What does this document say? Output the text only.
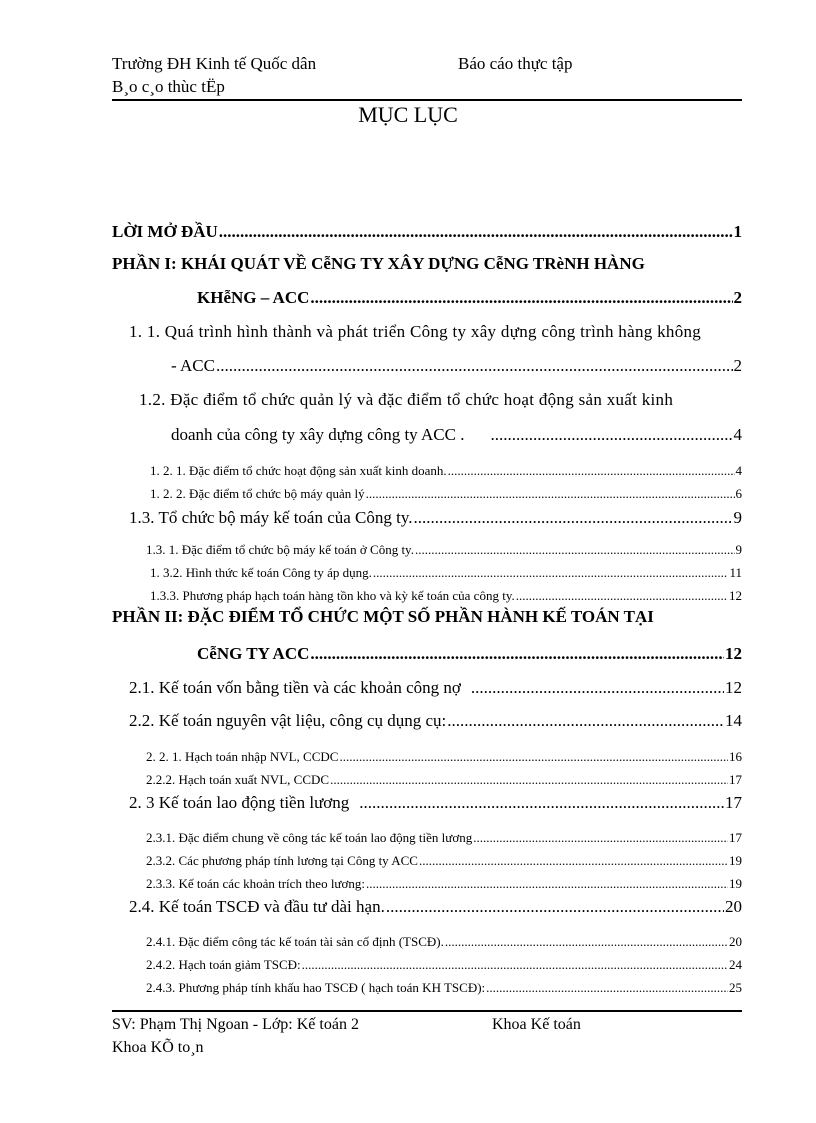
Trường ĐH Kinh tế Quốc dân	Báo cáo thực tập
B¸o c¸o thùc tËp
MỤC LỤC
LỜI MỞ ĐẦU .....	1
PHẦN I: KHÁI QUÁT VỀ CễNG TY XÂY DỰNG CễNG TRèNH HÀNG
KHễNG – ACC .....	2
1. 1. Quá trình hình thành và phát triển Công ty xây dựng công trình hàng không
- ACC .....	2
1.2. Đặc điểm tổ chức quản lý và đặc điểm tổ chức hoạt động sản xuất kinh
doanh của công ty xây dựng công ty ACC . .....	4
1. 2. 1. Đặc điểm tổ chức hoạt động sản xuất kinh doanh. .....	4
1. 2. 2. Đặc điểm tổ chức bộ máy quản lý .....	6
1.3. Tổ chức bộ máy kế toán của Công ty. .....	9
1.3. 1. Đặc điểm tổ chức bộ máy kế toán ở Công ty. .....	9
1. 3.2. Hình thức kế toán Công ty áp dụng. .....	11
1.3.3. Phương pháp hạch toán hàng tồn kho và kỳ kế toán của công ty. .....	12
PHẦN II: ĐẶC ĐIỂM TỔ CHỨC MỘT SỐ PHẦN HÀNH KẾ TOÁN TẠI
CễNG TY ACC .....	12
2.1. Kế toán vốn bằng tiền và các khoản công nợ .....	12
2.2. Kế toán nguyên vật liệu, công cụ dụng cụ: .....	14
2. 2. 1. Hạch toán nhập NVL, CCDC .....	16
2.2.2. Hạch toán xuất NVL, CCDC .....	17
2. 3 Kế toán lao động tiền lương .....	17
2.3.1. Đặc điểm chung về công tác kế toán lao động tiền lương .....	17
2.3.2. Các phương pháp tính lương tại Công ty ACC .....	19
2.3.3. Kế toán các khoản trích theo lương: .....	19
2.4. Kế toán TSCĐ và đầu tư dài hạn. .....	20
2.4.1. Đặc điểm công tác kế toán tài sản cố định (TSCĐ). .....	20
2.4.2. Hạch toán giảm TSCĐ: .....	24
2.4.3. Phương pháp tính khấu hao TSCĐ ( hạch toán KH TSCĐ): .....	25
SV: Phạm Thị Ngoan - Lớp: Kế toán 2	Khoa Kế toán
Khoa KÕ to¸n
